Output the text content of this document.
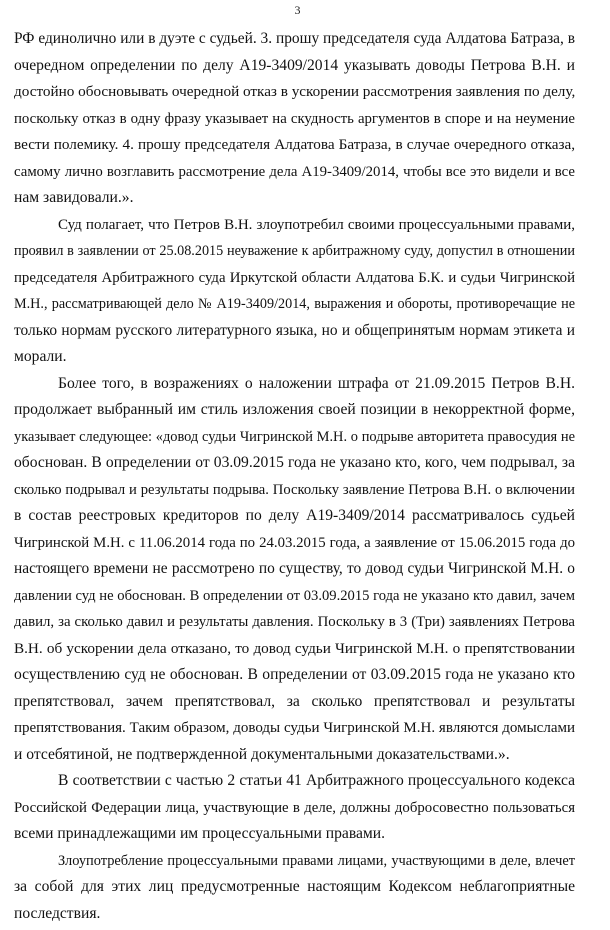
3
РФ единолично или в дуэте с судьей. 3. прошу председателя суда Алдатова Батраза, в
очередном определении по делу А19-3409/2014 указывать доводы Петрова В.Н. и
достойно обосновывать очередной отказ в ускорении рассмотрения заявления по делу,
поскольку отказ в одну фразу указывает на скудность аргументов в споре и на неумение
вести полемику. 4. прошу председателя Алдатова Батраза, в случае очередного отказа,
самому лично возглавить рассмотрение дела А19-3409/2014, чтобы все это видели и все
нам завидовали.».
Суд полагает, что Петров В.Н. злоупотребил своими процессуальными правами,
проявил в заявлении от 25.08.2015 неуважение к арбитражному суду, допустил в отношении
председателя Арбитражного суда Иркутской области Алдатова Б.К. и судьи Чигринской
М.Н., рассматривающей дело № А19-3409/2014, выражения и обороты, противоречащие не
только нормам русского литературного языка, но и общепринятым нормам этикета и
морали.
Более того, в возражениях о наложении штрафа от 21.09.2015 Петров В.Н.
продолжает выбранный им стиль изложения своей позиции в некорректной форме,
указывает следующее: «довод судьи Чигринской М.Н. о подрыве авторитета правосудия не
обоснован. В определении от 03.09.2015 года не указано кто, кого, чем подрывал, за
сколько подрывал и результаты подрыва. Поскольку заявление Петрова В.Н. о включении
в состав реестровых кредиторов по делу А19-3409/2014 рассматривалось судьей
Чигринской М.Н. с 11.06.2014 года по 24.03.2015 года, а заявление от 15.06.2015 года до
настоящего времени не рассмотрено по существу, то довод судьи Чигринской М.Н. о
давлении суд не обоснован. В определении от 03.09.2015 года не указано кто давил, зачем
давил, за сколько давил и результаты давления. Поскольку в 3 (Три) заявлениях Петрова
В.Н. об ускорении дела отказано, то довод судьи Чигринской М.Н. о препятствовании
осуществлению суд не обоснован. В определении от 03.09.2015 года не указано кто
препятствовал, зачем препятствовал, за сколько препятствовал и результаты
препятствования. Таким образом, доводы судьи Чигринской М.Н. являются домыслами
и отсебятиной, не подтвержденной документальными доказательствами.».
В соответствии с частью 2 статьи 41 Арбитражного процессуального кодекса
Российской Федерации лица, участвующие в деле, должны добросовестно пользоваться
всеми принадлежащими им процессуальными правами.
Злоупотребление процессуальными правами лицами, участвующими в деле, влечет
за собой для этих лиц предусмотренные настоящим Кодексом неблагоприятные
последствия.
